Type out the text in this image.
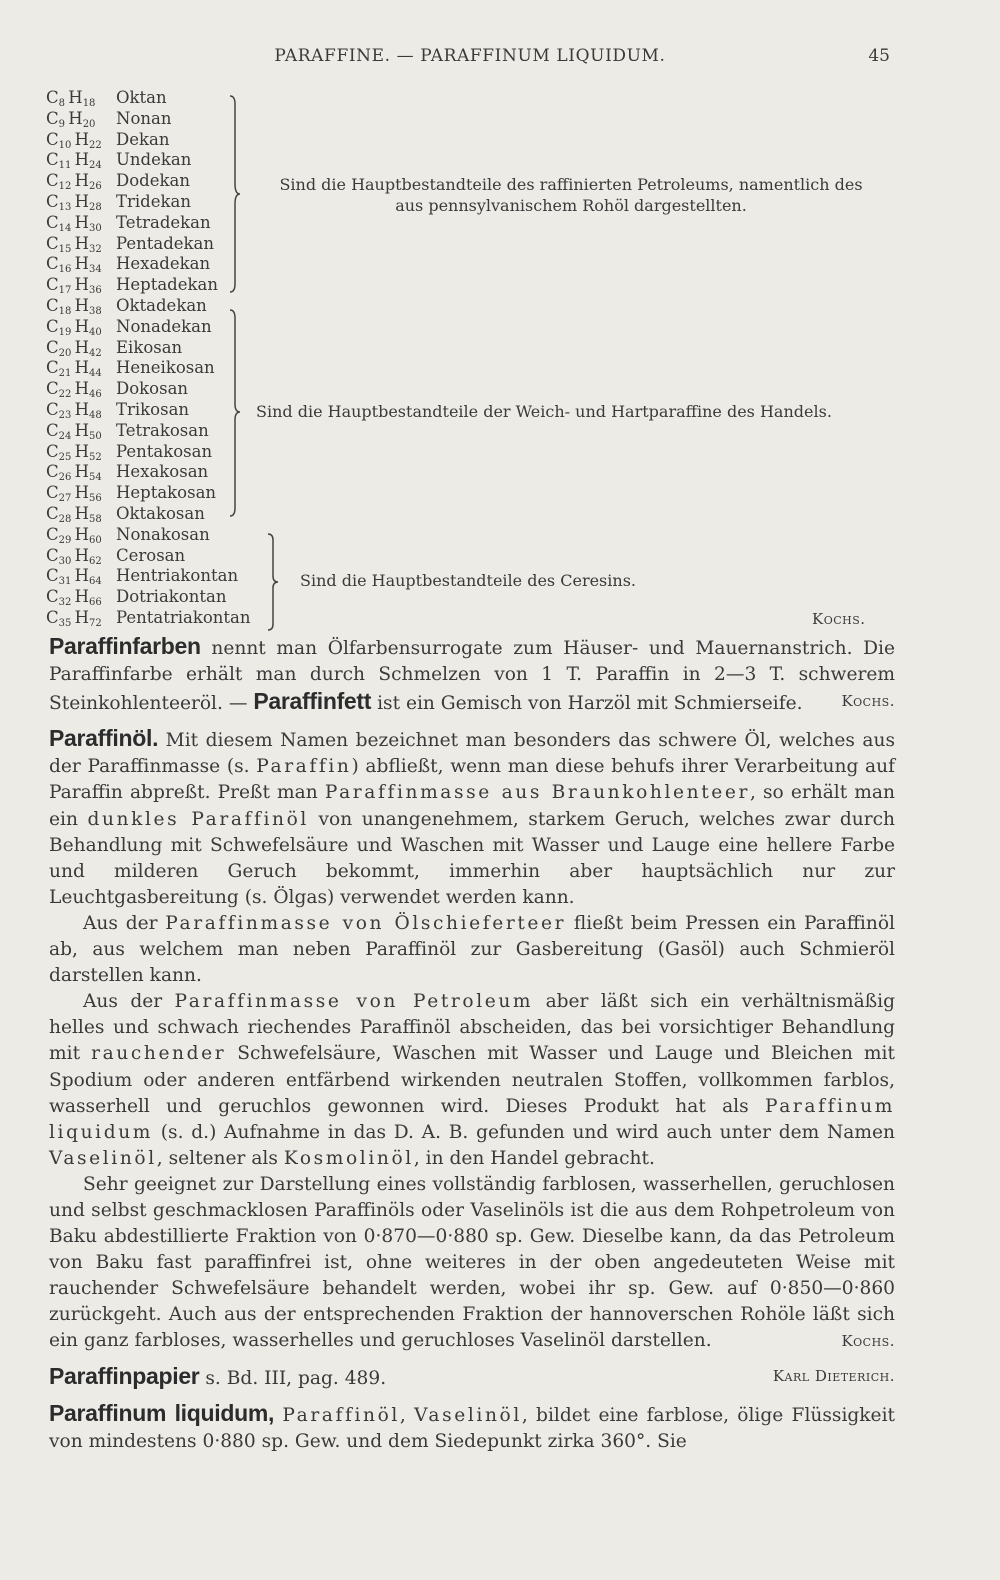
PARAFFINE. — PARAFFINUM LIQUIDUM.	45
$C_8$ $H_{18}$ Oktan
$C_9$ $H_{20}$ Nonan
$C_{10}$ $H_{22}$ Dekan
$C_{11}$ $H_{24}$ Undekan
$C_{12}$ $H_{26}$ Dodekan
$C_{13}$ $H_{28}$ Tridekan
$C_{14}$ $H_{30}$ Tetradekan
$C_{15}$ $H_{32}$ Pentadekan
$C_{16}$ $H_{34}$ Hexadekan
$C_{17}$ $H_{36}$ Heptadekan
$C_{18}$ $H_{38}$ Oktadekan
$C_{19}$ $H_{40}$ Nonadekan
$C_{20}$ $H_{42}$ Eikosan
$C_{21}$ $H_{44}$ Heneikosan
$C_{22}$ $H_{46}$ Dokosan
$C_{23}$ $H_{48}$ Trikosan
$C_{24}$ $H_{50}$ Tetrakosan
$C_{25}$ $H_{52}$ Pentakosan
$C_{26}$ $H_{54}$ Hexakosan
$C_{27}$ $H_{56}$ Heptakosan
$C_{28}$ $H_{58}$ Oktakosan
$C_{29}$ $H_{60}$ Nonakosan
$C_{30}$ $H_{62}$ Cerosan
$C_{31}$ $H_{64}$ Hentriakontan
$C_{32}$ $H_{66}$ Dotriakontan
$C_{35}$ $H_{72}$ Pentatriakontan
Sind die Hauptbestandteile des raffinierten Petroleums, namentlich des
aus pennsylvanischem Rohöl dargestellten.
Sind die Hauptbestandteile der Weich- und Hartparaffine des Handels.
Sind die Hauptbestandteile des Ceresins.
Kochs.

Paraffinfarben nennt man Ölfarbensurrogate zum Häuser- und Mauernanstrich. Die Paraffinfarbe erhält man durch Schmelzen von 1 T. Paraffin in 2—3 T. schwerem Steinkohlenteeröl. — Paraffinfett ist ein Gemisch von Harzöl mit Schmierseife.	Kochs.

Paraffinöl. Mit diesem Namen bezeichnet man besonders das schwere Öl, welches aus der Paraffinmasse (s. Paraffin) abfließt, wenn man diese behufs ihrer Verarbeitung auf Paraffin abpreßt. Preßt man Paraffinmasse aus Braunkohlenteer, so erhält man ein dunkles Paraffinöl von unangenehmem, starkem Geruch, welches zwar durch Behandlung mit Schwefelsäure und Waschen mit Wasser und Lauge eine hellere Farbe und milderen Geruch bekommt, immerhin aber hauptsächlich nur zur Leuchtgasbereitung (s. Ölgas) verwendet werden kann.

Aus der Paraffinmasse von Ölschieferteer fließt beim Pressen ein Paraffinöl ab, aus welchem man neben Paraffinöl zur Gasbereitung (Gasöl) auch Schmieröl darstellen kann.

Aus der Paraffinmasse von Petroleum aber läßt sich ein verhältnismäßig helles und schwach riechendes Paraffinöl abscheiden, das bei vorsichtiger Behandlung mit rauchender Schwefelsäure, Waschen mit Wasser und Lauge und Bleichen mit Spodium oder anderen entfärbend wirkenden neutralen Stoffen, vollkommen farblos, wasserhell und geruchlos gewonnen wird. Dieses Produkt hat als Paraffinum liquidum (s. d.) Aufnahme in das D. A. B. gefunden und wird auch unter dem Namen Vaselinöl, seltener als Kosmolinöl, in den Handel gebracht.

Sehr geeignet zur Darstellung eines vollständig farblosen, wasserhellen, geruchlosen und selbst geschmacklosen Paraffinöls oder Vaselinöls ist die aus dem Rohpetroleum von Baku abdestillierte Fraktion von 0·870—0·880 sp. Gew. Dieselbe kann, da das Petroleum von Baku fast paraffinfrei ist, ohne weiteres in der oben angedeuteten Weise mit rauchender Schwefelsäure behandelt werden, wobei ihr sp. Gew. auf 0·850—0·860 zurückgeht. Auch aus der entsprechenden Fraktion der hannoverschen Rohöle läßt sich ein ganz farbloses, wasserhelles und geruchloses Vaselinöl darstellen.	Kochs.

Paraffinpapier s. Bd. III, pag. 489.	Karl Dieterich.

Paraffinum liquidum, Paraffinöl, Vaselinöl, bildet eine farblose, ölige Flüssigkeit von mindestens 0·880 sp. Gew. und dem Siedepunkt zirka 360°. Sie
